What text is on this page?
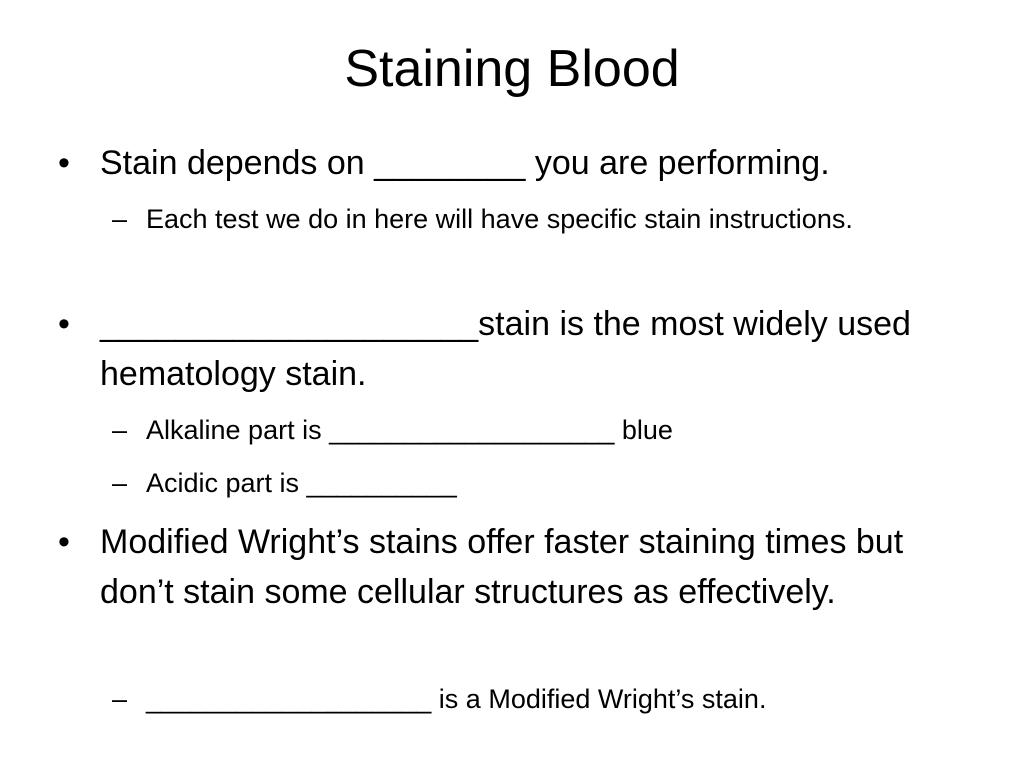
Staining Blood
• Stain depends on ________ you are performing.
– Each test we do in here will have specific stain instructions.
• ____________________stain is the most widely used hematology stain.
– Alkaline part is ___________________ blue
– Acidic part is __________
• Modified Wright’s stains offer faster staining times but don’t stain some cellular structures as effectively.
– ___________________ is a Modified Wright’s stain.
